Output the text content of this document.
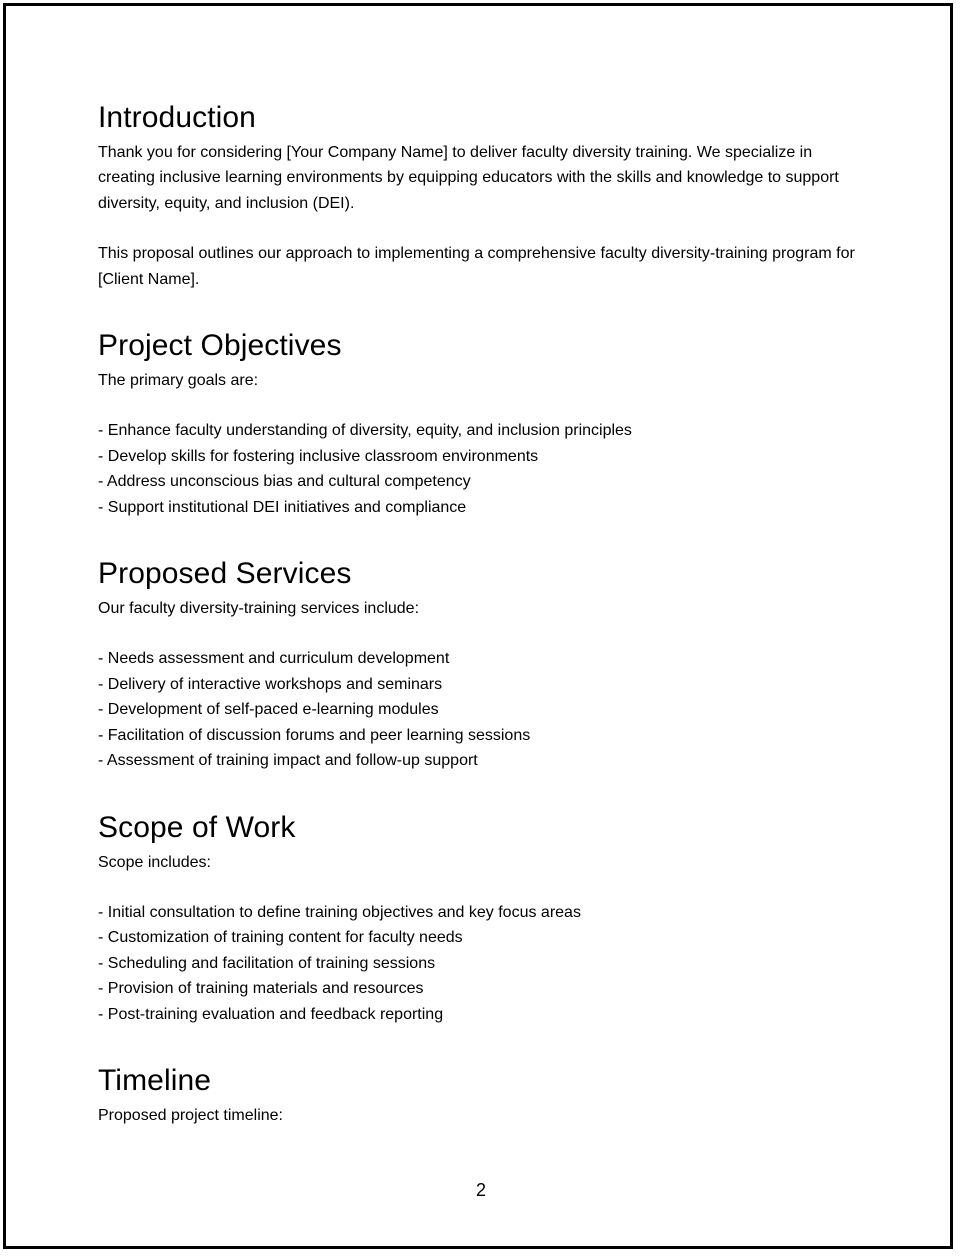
Introduction

Thank you for considering [Your Company Name] to deliver faculty diversity training. We specialize in creating inclusive learning environments by equipping educators with the skills and knowledge to support diversity, equity, and inclusion (DEI).

This proposal outlines our approach to implementing a comprehensive faculty diversity-training program for [Client Name].

Project Objectives

The primary goals are:

- Enhance faculty understanding of diversity, equity, and inclusion principles
- Develop skills for fostering inclusive classroom environments
- Address unconscious bias and cultural competency
- Support institutional DEI initiatives and compliance
Proposed Services

Our faculty diversity-training services include:

- Needs assessment and curriculum development
- Delivery of interactive workshops and seminars
- Development of self-paced e-learning modules
- Facilitation of discussion forums and peer learning sessions
- Assessment of training impact and follow-up support
Scope of Work

Scope includes:

- Initial consultation to define training objectives and key focus areas
- Customization of training content for faculty needs
- Scheduling and facilitation of training sessions
- Provision of training materials and resources
- Post-training evaluation and feedback reporting
Timeline

Proposed project timeline:

2
